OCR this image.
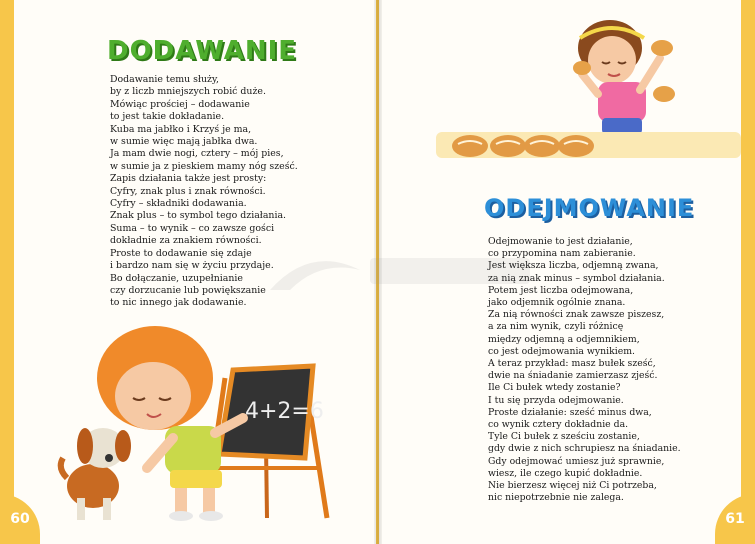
DODAWANIE
Dodawanie temu służy,
by z liczb mniejszych robić duże.
Mówiąc prościej – dodawanie
to jest takie dokładanie.
Kuba ma jabłko i Krzyś je ma,
w sumie więc mają jabłka dwa.
Ja mam dwie nogi, cztery – mój pies,
w sumie ja z pieskiem mamy nóg sześć.
Zapis działania także jest prosty:
Cyfry, znak plus i znak równości.
Cyfry – składniki dodawania.
Znak plus – to symbol tego działania.
Suma – to wynik – co zawsze gości
dokładnie za znakiem równości.
Proste to dodawanie się zdaje
i bardzo nam się w życiu przydaje.
Bo dołączanie, uzupełnianie
czy dorzucanie lub powiększanie
to nic innego jak dodawanie.
4+2=6
60
ODEJMOWANIE
Odejmowanie to jest działanie,
co przypomina nam zabieranie.
Jest większa liczba, odjemną zwana,
za nią znak minus – symbol działania.
Potem jest liczba odejmowana,
jako odjemnik ogólnie znana.
Za nią równości znak zawsze piszesz,
a za nim wynik, czyli różnicę
między odjemną a odjemnikiem,
co jest odejmowania wynikiem.
A teraz przykład: masz bułek sześć,
dwie na śniadanie zamierzasz zjeść.
Ile Ci bułek wtedy zostanie?
I tu się przyda odejmowanie.
Proste działanie: sześć minus dwa,
co wynik cztery dokładnie da.
Tyle Ci bułek z sześciu zostanie,
gdy dwie z nich schrupiesz na śniadanie.
Gdy odejmować umiesz już sprawnie,
wiesz, ile czego kupić dokładnie.
Nie bierzesz więcej niż Ci potrzeba,
nic niepotrzebnie nie zalega.
61
